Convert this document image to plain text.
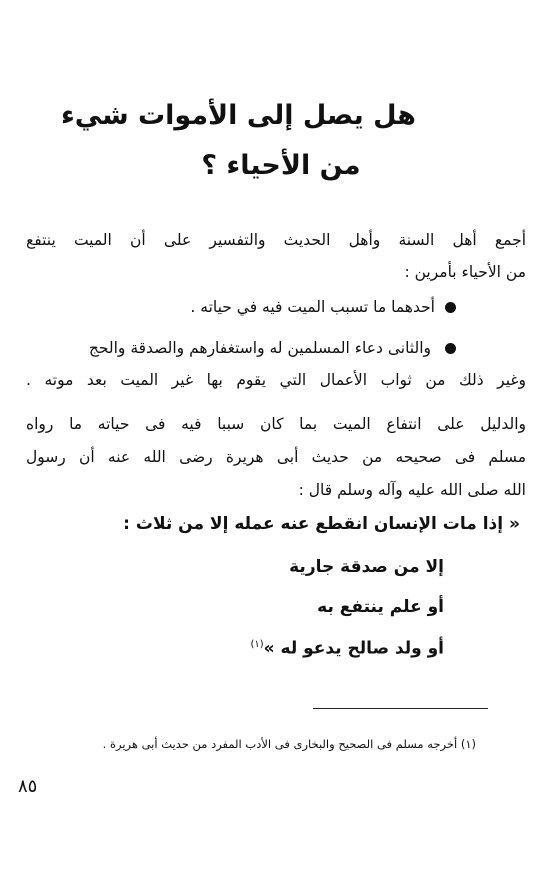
هل يصل إلى الأموات شيء
من الأحياء ؟
أجمع أهل السنة وأهل الحديث والتفسير على أن الميت ينتفع
من الأحياء بأمرين :
أحدهما ما تسبب الميت فيه في حياته .
والثانى دعاء المسلمين له واستغفارهم والصدقة والحج
وغير ذلك من ثواب الأعمال التي يقوم بها غير الميت بعد موته .
والدليل على انتفاع الميت بما كان سببا فيه فى حياته ما رواه
مسلم فى صحيحه من حديث أبى هريرة رضى الله عنه أن رسول
الله صلى الله عليه وآله وسلم قال :
« إذا مات الإنسان انقطع عنه عمله إلا من ثلاث :
إلا من صدقة جارية
أو علم ينتفع به
أو ولد صالح يدعو له »$^{(١)}$
(١) أخرجه مسلم فى الصحيح والبخارى فى الأدب المفرد من حديث أبى هريرة .
٨٥
